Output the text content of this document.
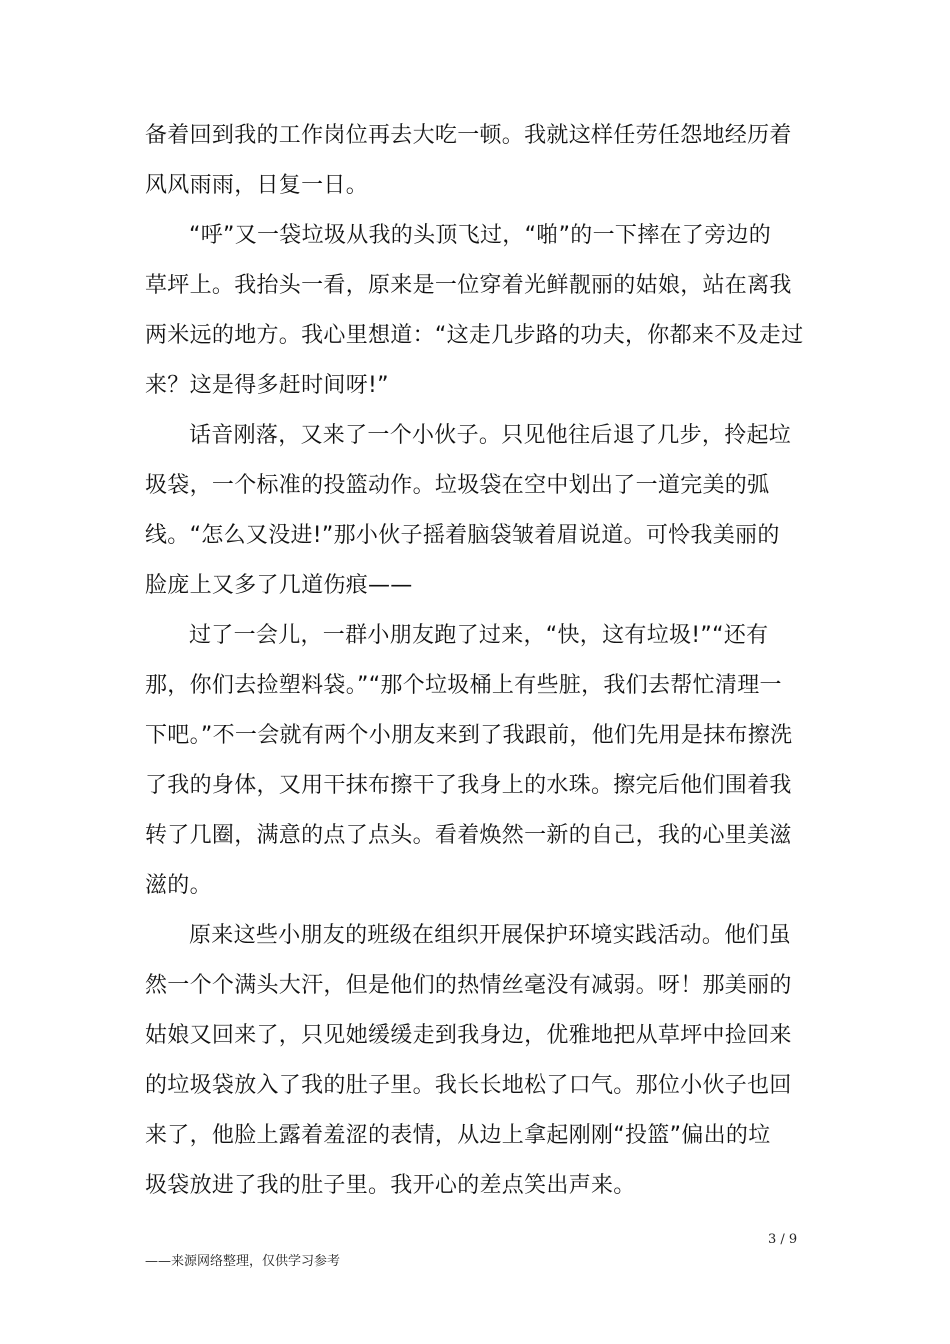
备着回到我的工作岗位再去大吃一顿。我就这样任劳任怨地经历着
风风雨雨，日复一日。
“呼”又一袋垃圾从我的头顶飞过，“啪”的一下摔在了旁边的
草坪上。我抬头一看，原来是一位穿着光鲜靓丽的姑娘，站在离我
两米远的地方。我心里想道：“这走几步路的功夫，你都来不及走过
来？这是得多赶时间呀!”
话音刚落，又来了一个小伙子。只见他往后退了几步，拎起垃
圾袋，一个标准的投篮动作。垃圾袋在空中划出了一道完美的弧
线。“怎么又没进!”那小伙子摇着脑袋皱着眉说道。可怜我美丽的
脸庞上又多了几道伤痕——
过了一会儿，一群小朋友跑了过来，“快，这有垃圾!”“还有
那，你们去捡塑料袋。”“那个垃圾桶上有些脏，我们去帮忙清理一
下吧。”不一会就有两个小朋友来到了我跟前，他们先用是抹布擦洗
了我的身体，又用干抹布擦干了我身上的水珠。擦完后他们围着我
转了几圈，满意的点了点头。看着焕然一新的自己，我的心里美滋
滋的。
原来这些小朋友的班级在组织开展保护环境实践活动。他们虽
然一个个满头大汗，但是他们的热情丝毫没有减弱。呀！那美丽的
姑娘又回来了，只见她缓缓走到我身边，优雅地把从草坪中捡回来
的垃圾袋放入了我的肚子里。我长长地松了口气。那位小伙子也回
来了，他脸上露着羞涩的表情，从边上拿起刚刚“投篮”偏出的垃
圾袋放进了我的肚子里。我开心的差点笑出声来。
3 / 9
——来源网络整理，仅供学习参考
